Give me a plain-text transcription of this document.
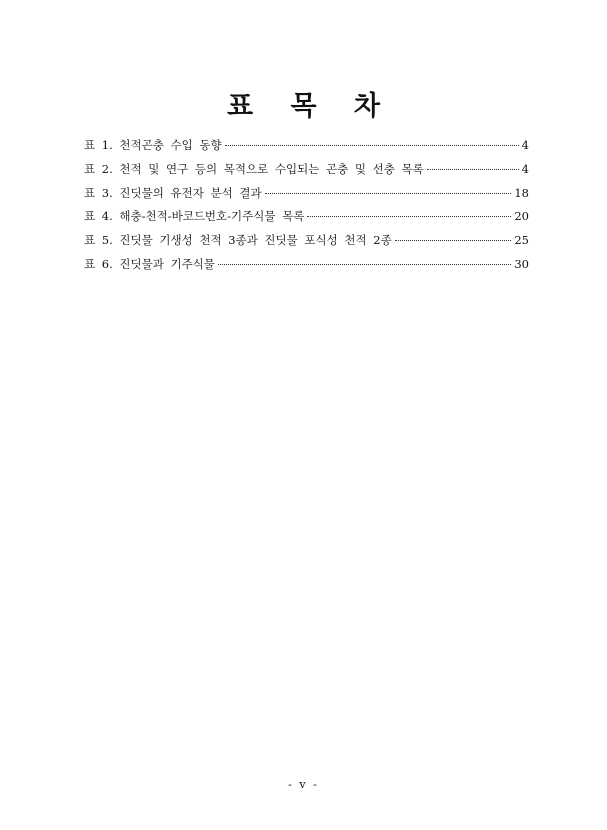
표 목 차
표 1. 천적곤충 수입 동향	4
표 2. 천적 및 연구 등의 목적으로 수입되는 곤충 및 선충 목록	4
표 3. 진딧물의 유전자 분석 결과	18
표 4. 해충-천적-바코드번호-기주식물 목록	20
표 5. 진딧물 기생성 천적 3종과 진딧물 포식성 천적 2종	25
표 6. 진딧물과 기주식물	30
- v -
